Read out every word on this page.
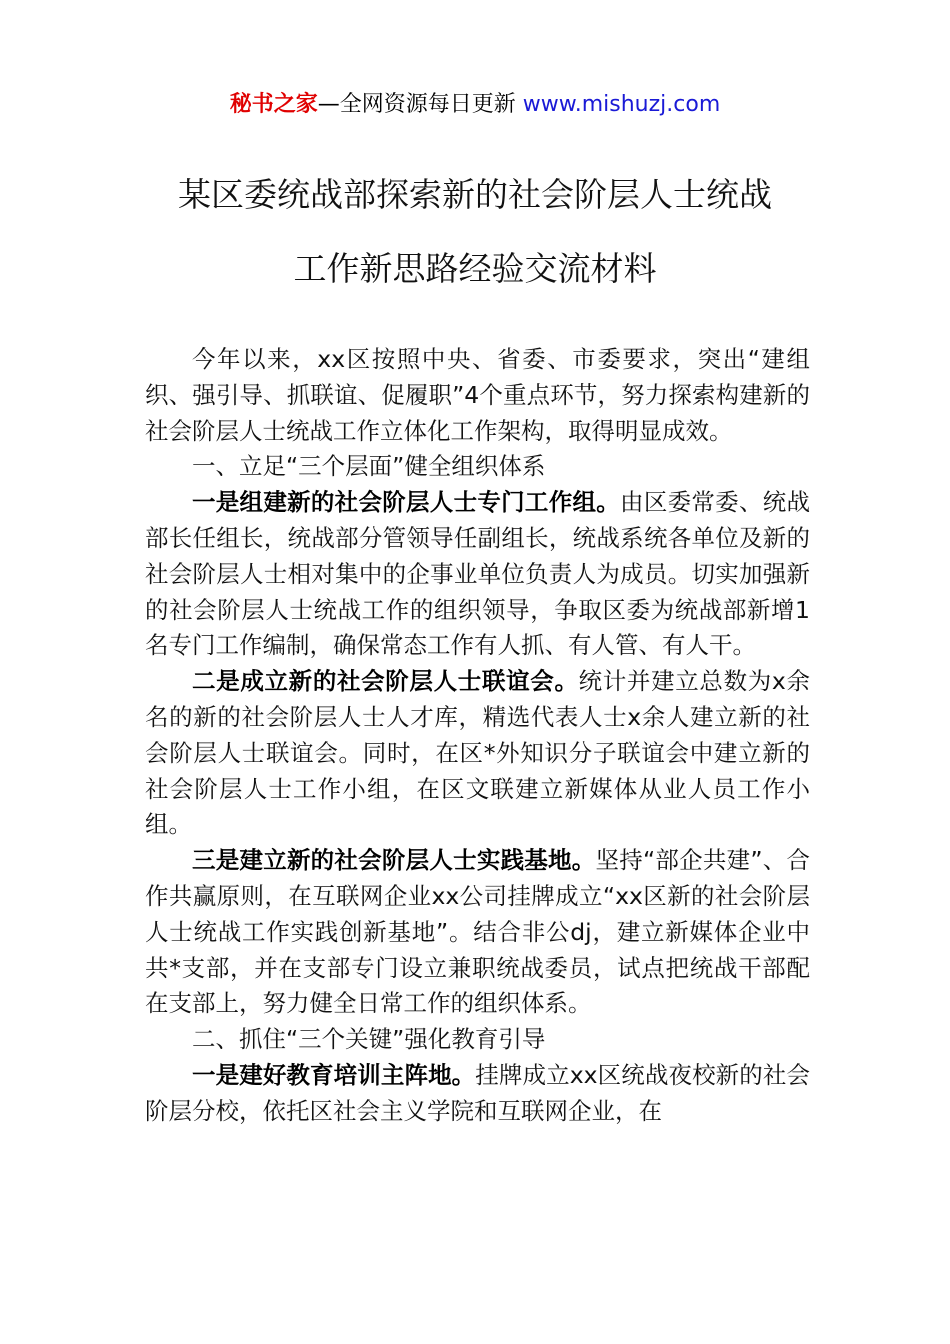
秘书之家—全网资源每日更新 www.mishuzj.com
某区委统战部探索新的社会阶层人士统战
工作新思路经验交流材料

今年以来，xx区按照中央、省委、市委要求，突出“建组织、强引导、抓联谊、促履职”4个重点环节，努力探索构建新的社会阶层人士统战工作立体化工作架构，取得明显成效。

一、立足“三个层面”健全组织体系

一是组建新的社会阶层人士专门工作组。由区委常委、统战部长任组长，统战部分管领导任副组长，统战系统各单位及新的社会阶层人士相对集中的企事业单位负责人为成员。切实加强新的社会阶层人士统战工作的组织领导，争取区委为统战部新增1名专门工作编制，确保常态工作有人抓、有人管、有人干。

二是成立新的社会阶层人士联谊会。统计并建立总数为x余名的新的社会阶层人士人才库，精选代表人士x余人建立新的社会阶层人士联谊会。同时，在区*外知识分子联谊会中建立新的社会阶层人士工作小组，在区文联建立新媒体从业人员工作小组。

三是建立新的社会阶层人士实践基地。坚持“部企共建”、合作共赢原则，在互联网企业xx公司挂牌成立“xx区新的社会阶层人士统战工作实践创新基地”。结合非公dj，建立新媒体企业中共*支部，并在支部专门设立兼职统战委员，试点把统战干部配在支部上，努力健全日常工作的组织体系。

二、抓住“三个关键”强化教育引导

一是建好教育培训主阵地。挂牌成立xx区统战夜校新的社会阶层分校，依托区社会主义学院和互联网企业，在
